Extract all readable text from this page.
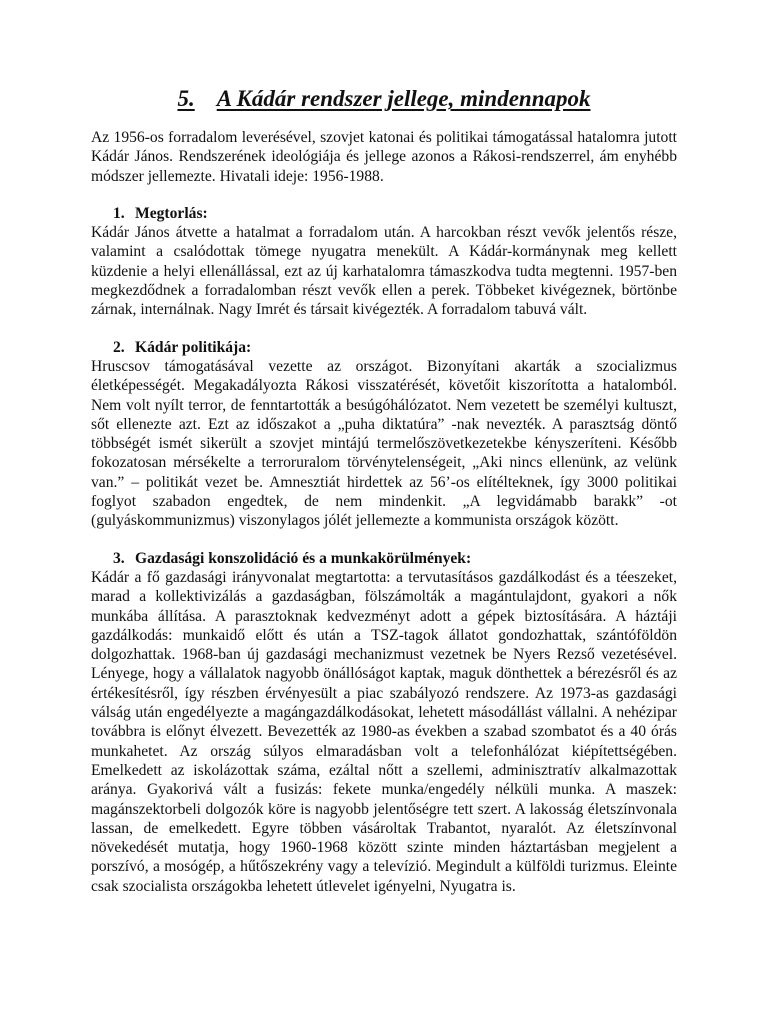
5. A Kádár rendszer jellege, mindennapok

Az 1956-os forradalom leverésével, szovjet katonai és politikai támogatással hatalomra jutott Kádár János. Rendszerének ideológiája és jellege azonos a Rákosi-rendszerrel, ám enyhébb módszer jellemezte. Hivatali ideje: 1956-1988.

1. Megtorlás:

Kádár János átvette a hatalmat a forradalom után. A harcokban részt vevők jelentős része, valamint a csalódottak tömege nyugatra menekült. A Kádár-kormánynak meg kellett küzdenie a helyi ellenállással, ezt az új karhatalomra támaszkodva tudta megtenni. 1957-ben megkezdődnek a forradalomban részt vevők ellen a perek. Többeket kivégeznek, börtönbe zárnak, internálnak. Nagy Imrét és társait kivégezték. A forradalom tabuvá vált.

2. Kádár politikája:

Hruscsov támogatásával vezette az országot. Bizonyítani akarták a szocializmus életképességét. Megakadályozta Rákosi visszatérését, követőit kiszorította a hatalomból. Nem volt nyílt terror, de fenntartották a besúgóhálózatot. Nem vezetett be személyi kultuszt, sőt ellenezte azt. Ezt az időszakot a „puha diktatúra” -nak nevezték. A parasztság döntő többségét ismét sikerült a szovjet mintájú termelőszövetkezetekbe kényszeríteni. Később fokozatosan mérsékelte a terroruralom törvénytelenségeit, „Aki nincs ellenünk, az velünk van.” – politikát vezet be. Amnesztiát hirdettek az 56’-os elítélteknek, így 3000 politikai foglyot szabadon engedtek, de nem mindenkit. „A legvidámabb barakk” -ot (gulyáskommunizmus) viszonylagos jólét jellemezte a kommunista országok között.

3. Gazdasági konszolidáció és a munkakörülmények:

Kádár a fő gazdasági irányvonalat megtartotta: a tervutasításos gazdálkodást és a téeszeket, marad a kollektivizálás a gazdaságban, fölszámolták a magántulajdont, gyakori a nők munkába állítása. A parasztoknak kedvezményt adott a gépek biztosítására. A háztáji gazdálkodás: munkaidő előtt és után a TSZ-tagok állatot gondozhattak, szántóföldön dolgozhattak. 1968-ban új gazdasági mechanizmust vezetnek be Nyers Rezső vezetésével. Lényege, hogy a vállalatok nagyobb önállóságot kaptak, maguk dönthettek a bérezésről és az értékesítésről, így részben érvényesült a piac szabályozó rendszere. Az 1973-as gazdasági válság után engedélyezte a magángazdálkodásokat, lehetett másodállást vállalni. A nehézipar továbbra is előnyt élvezett. Bevezették az 1980-as években a szabad szombatot és a 40 órás munkahetet. Az ország súlyos elmaradásban volt a telefonhálózat kiépítettségében. Emelkedett az iskolázottak száma, ezáltal nőtt a szellemi, adminisztratív alkalmazottak aránya. Gyakorivá vált a fusizás: fekete munka/engedély nélküli munka. A maszek: magánszektorbeli dolgozók köre is nagyobb jelentőségre tett szert. A lakosság életszínvonala lassan, de emelkedett. Egyre többen vásároltak Trabantot, nyaralót. Az életszínvonal növekedését mutatja, hogy 1960-1968 között szinte minden háztartásban megjelent a porszívó, a mosógép, a hűtőszekrény vagy a televízió. Megindult a külföldi turizmus. Eleinte csak szocialista országokba lehetett útlevelet igényelni, Nyugatra is.
